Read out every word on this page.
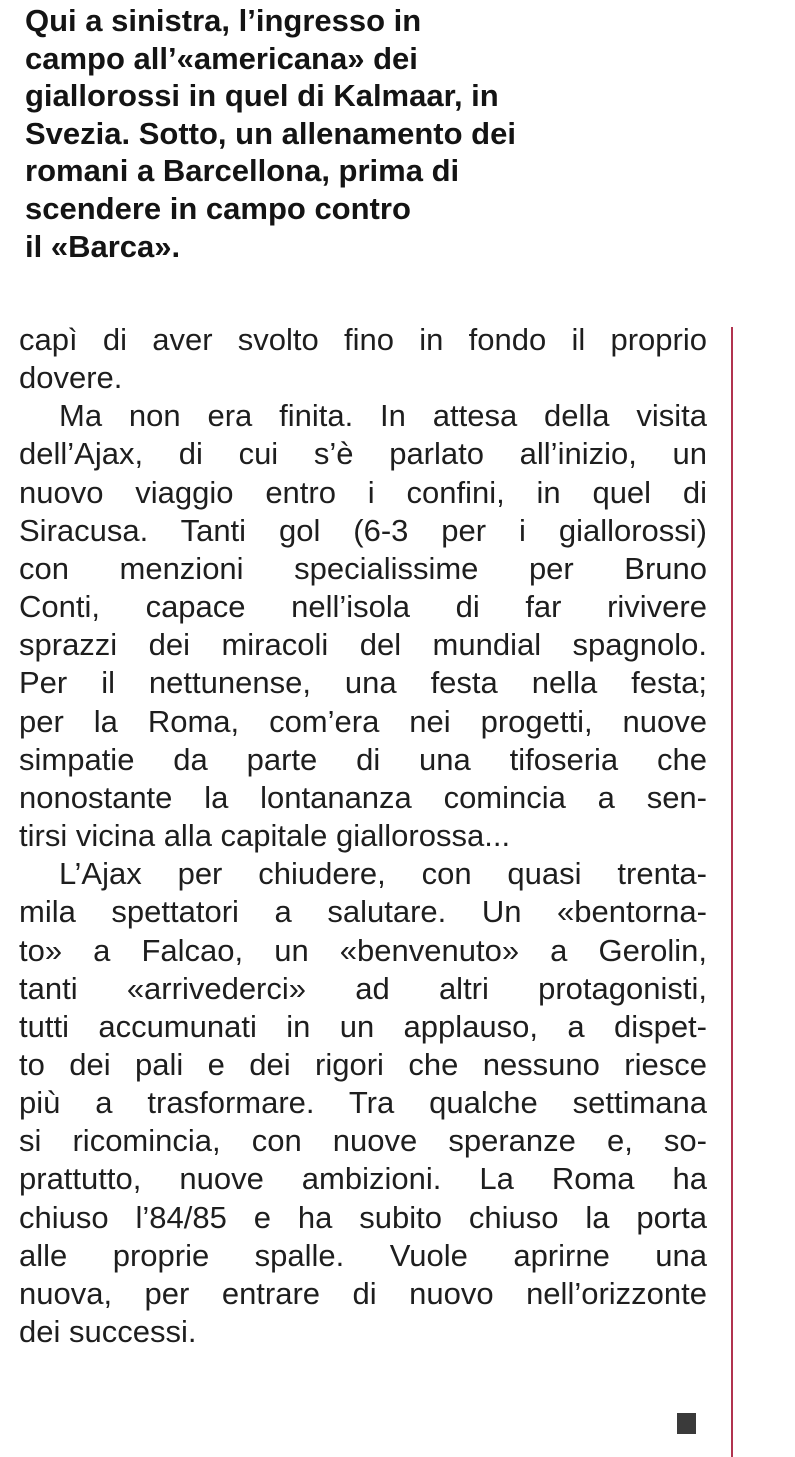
Qui a sinistra, l’ingresso in
campo all’«americana» dei
giallorossi in quel di Kalmaar, in
Svezia. Sotto, un allenamento dei
romani a Barcellona, prima di
scendere in campo contro
il «Barca».
capì di aver svolto fino in fondo il proprio
dovere.
Ma non era finita. In attesa della visita
dell’Ajax, di cui s’è parlato all’inizio, un
nuovo viaggio entro i confini, in quel di
Siracusa. Tanti gol (6-3 per i giallorossi)
con menzioni specialissime per Bruno
Conti, capace nell’isola di far rivivere
sprazzi dei miracoli del mundial spagnolo.
Per il nettunense, una festa nella festa;
per la Roma, com’era nei progetti, nuove
simpatie da parte di una tifoseria che
nonostante la lontananza comincia a sen-
tirsi vicina alla capitale giallorossa...
L’Ajax per chiudere, con quasi trenta-
mila spettatori a salutare. Un «bentorna-
to» a Falcao, un «benvenuto» a Gerolin,
tanti «arrivederci» ad altri protagonisti,
tutti accumunati in un applauso, a dispet-
to dei pali e dei rigori che nessuno riesce
più a trasformare. Tra qualche settimana
si ricomincia, con nuove speranze e, so-
prattutto, nuove ambizioni. La Roma ha
chiuso l’84/85 e ha subito chiuso la porta
alle proprie spalle. Vuole aprirne una
nuova, per entrare di nuovo nell’orizzonte
dei successi.
